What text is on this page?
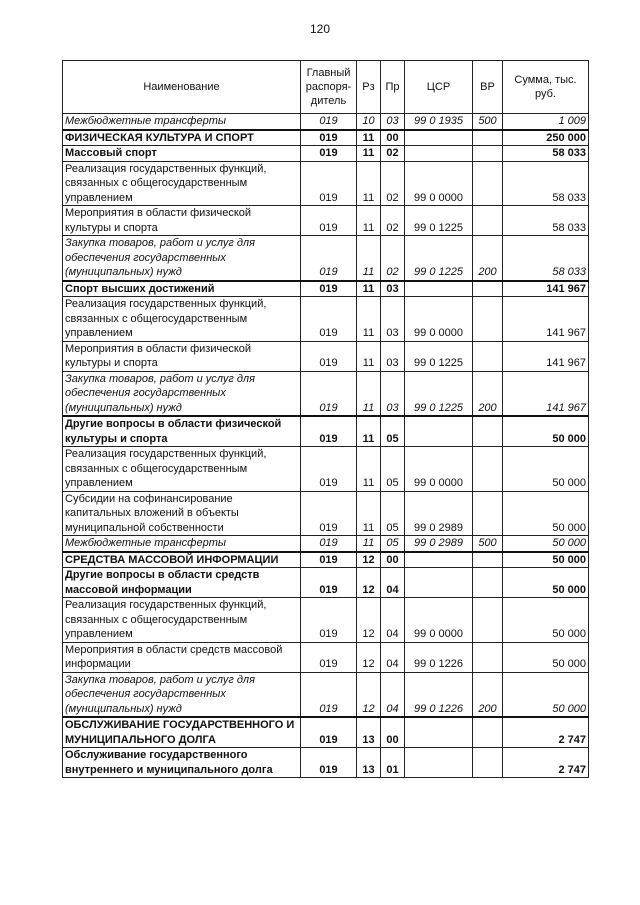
120
Наименование	Главный распоря-дитель	Рз	Пр	ЦСР	ВР	Сумма, тыс. руб.
Межбюджетные трансферты	019	10	03	99 0 1935	500	1 009
ФИЗИЧЕСКАЯ КУЛЬТУРА И СПОРТ	019	11	00			250 000
Массовый спорт	019	11	02			58 033
Реализация государственных функций, связанных с общегосударственным управлением	019	11	02	99 0 0000		58 033
Мероприятия в области физической культуры и спорта	019	11	02	99 0 1225		58 033
Закупка товаров, работ и услуг для обеспечения государственных (муниципальных) нужд	019	11	02	99 0 1225	200	58 033
Спорт высших достижений	019	11	03			141 967
Реализация государственных функций, связанных с общегосударственным управлением	019	11	03	99 0 0000		141 967
Мероприятия в области физической культуры и спорта	019	11	03	99 0 1225		141 967
Закупка товаров, работ и услуг для обеспечения государственных (муниципальных) нужд	019	11	03	99 0 1225	200	141 967
Другие вопросы в области физической культуры и спорта	019	11	05			50 000
Реализация государственных функций, связанных с общегосударственным управлением	019	11	05	99 0 0000		50 000
Субсидии на софинансирование капитальных вложений в объекты муниципальной собственности	019	11	05	99 0 2989		50 000
Межбюджетные трансферты	019	11	05	99 0 2989	500	50 000
СРЕДСТВА МАССОВОЙ ИНФОРМАЦИИ	019	12	00			50 000
Другие вопросы в области средств массовой информации	019	12	04			50 000
Реализация государственных функций, связанных с общегосударственным управлением	019	12	04	99 0 0000		50 000
Мероприятия в области средств массовой информации	019	12	04	99 0 1226		50 000
Закупка товаров, работ и услуг для обеспечения государственных (муниципальных) нужд	019	12	04	99 0 1226	200	50 000
ОБСЛУЖИВАНИЕ ГОСУДАРСТВЕННОГО И МУНИЦИПАЛЬНОГО ДОЛГА	019	13	00			2 747
Обслуживание государственного внутреннего и муниципального долга	019	13	01			2 747
